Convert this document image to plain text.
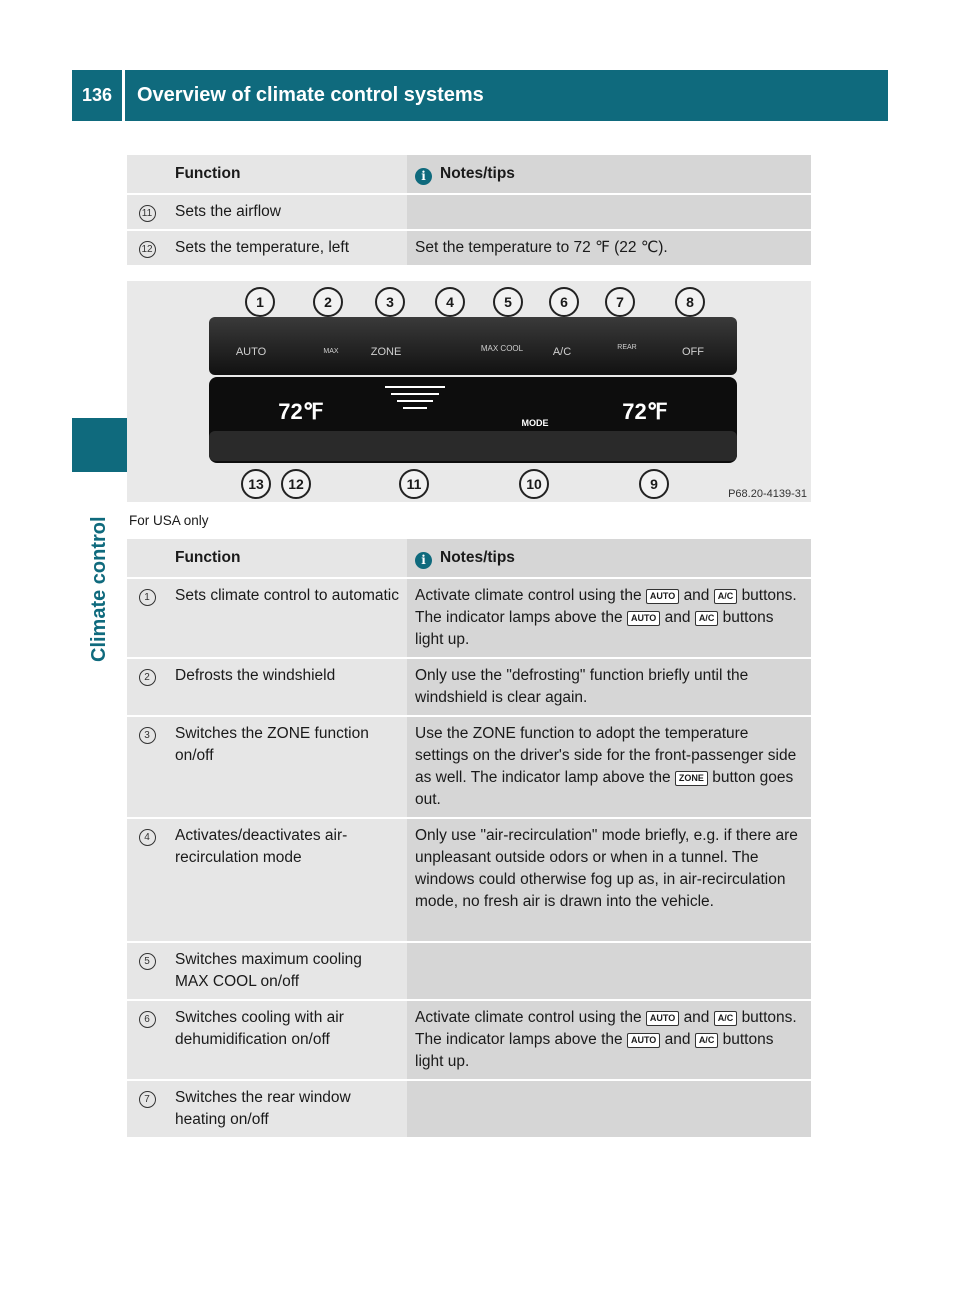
136	Overview of climate control systems
Climate control
	Function	i Notes/tips
11	Sets the airflow	
12	Sets the temperature, left	Set the temperature to 72 ℉ (22 ℃).
AUTO	MAX	ZONE	MAX COOL	A/C	REAR	OFF
72℉	72℉
MODE
1	2	3	4	5	6	7	8
13	12	11	10	9
P68.20-4139-31
For USA only
	Function	i Notes/tips
1	Sets climate control to automatic	Activate climate control using the AUTO and A/C buttons. The indicator lamps above the AUTO and A/C buttons light up.
2	Defrosts the windshield	Only use the "defrosting" function briefly until the windshield is clear again.
3	Switches the ZONE function on/off	Use the ZONE function to adopt the temperature settings on the driver's side for the front-passenger side as well. The indicator lamp above the ZONE button goes out.
4	Activates/deactivates air-recirculation mode	Only use "air-recirculation" mode briefly, e.g. if there are unpleasant outside odors or when in a tunnel. The windows could otherwise fog up as, in air-recirculation mode, no fresh air is drawn into the vehicle.
5	Switches maximum cooling MAX COOL on/off	
6	Switches cooling with air dehumidification on/off	Activate climate control using the AUTO and A/C buttons. The indicator lamps above the AUTO and A/C buttons light up.
7	Switches the rear window heating on/off	
